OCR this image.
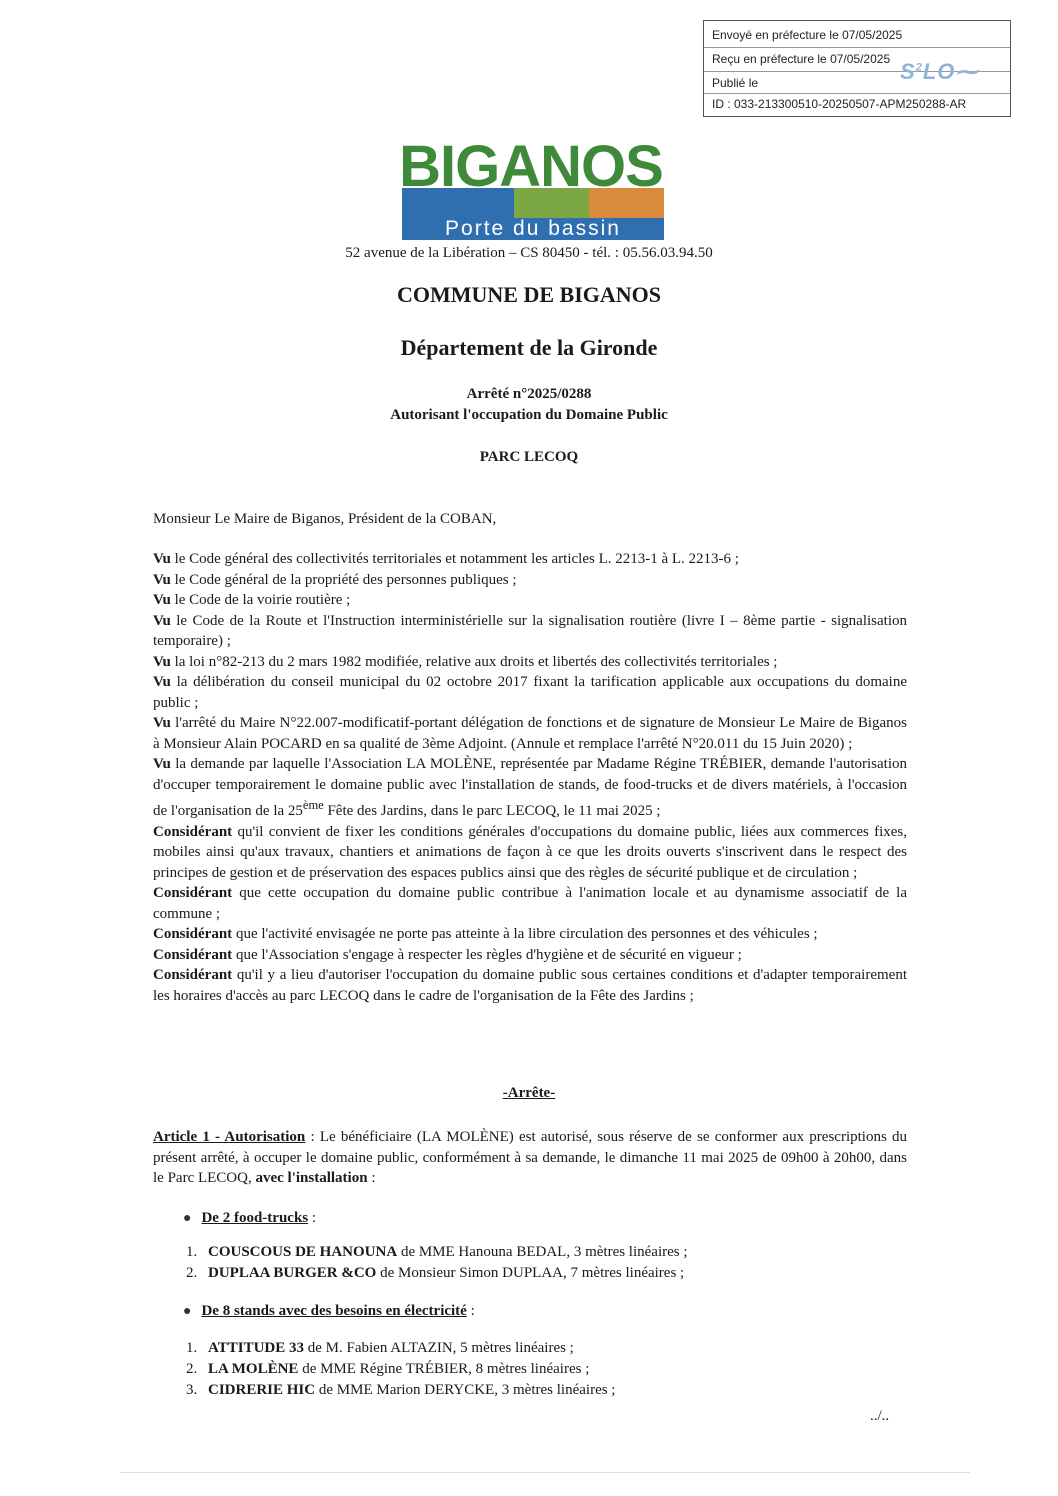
Envoyé en préfecture le 07/05/2025
Reçu en préfecture le 07/05/2025
Publié le
ID : 033-213300510-20250507-APM250288-AR
$S^2LO⁓$
BIGANOS
Porte du bassin
52 avenue de la Libération – CS 80450 - tél. : 05.56.03.94.50
COMMUNE DE BIGANOS
Département de la Gironde
Arrêté n°2025/0288
Autorisant l'occupation du Domaine Public
PARC LECOQ
Monsieur Le Maire de Biganos, Président de la COBAN,
Vu le Code général des collectivités territoriales et notamment les articles L. 2213-1 à L. 2213-6 ;
Vu le Code général de la propriété des personnes publiques ;
Vu le Code de la voirie routière ;
Vu le Code de la Route et l'Instruction interministérielle sur la signalisation routière (livre I – 8ème partie - signalisation temporaire) ;
Vu la loi n°82-213 du 2 mars 1982 modifiée, relative aux droits et libertés des collectivités territoriales ;
Vu la délibération du conseil municipal du 02 octobre 2017 fixant la tarification applicable aux occupations du domaine public ;
Vu l'arrêté du Maire N°22.007-modificatif-portant délégation de fonctions et de signature de Monsieur Le Maire de Biganos à Monsieur Alain POCARD en sa qualité de 3ème Adjoint. (Annule et remplace l'arrêté N°20.011 du 15 Juin 2020) ;
Vu la demande par laquelle l'Association LA MOLÈNE, représentée par Madame Régine TRÉBIER, demande l'autorisation d'occuper temporairement le domaine public avec l'installation de stands, de food-trucks et de divers matériels, à l'occasion de l'organisation de la 25ème Fête des Jardins, dans le parc LECOQ, le 11 mai 2025 ;
Considérant qu'il convient de fixer les conditions générales d'occupations du domaine public, liées aux commerces fixes, mobiles ainsi qu'aux travaux, chantiers et animations de façon à ce que les droits ouverts s'inscrivent dans le respect des principes de gestion et de préservation des espaces publics ainsi que des règles de sécurité publique et de circulation ;
Considérant que cette occupation du domaine public contribue à l'animation locale et au dynamisme associatif de la commune ;
Considérant que l'activité envisagée ne porte pas atteinte à la libre circulation des personnes et des véhicules ;
Considérant que l'Association s'engage à respecter les règles d'hygiène et de sécurité en vigueur ;
Considérant qu'il y a lieu d'autoriser l'occupation du domaine public sous certaines conditions et d'adapter temporairement les horaires d'accès au parc LECOQ dans le cadre de l'organisation de la Fête des Jardins ;
-Arrête-
Article 1 - Autorisation : Le bénéficiaire (LA MOLÈNE) est autorisé, sous réserve de se conformer aux prescriptions du présent arrêté, à occuper le domaine public, conformément à sa demande, le dimanche 11 mai 2025 de 09h00 à 20h00, dans le Parc LECOQ, avec l'installation :
● De 2 food-trucks :
1. COUSCOUS DE HANOUNA de MME Hanouna BEDAL, 3 mètres linéaires ;
2. DUPLAA BURGER &CO de Monsieur Simon DUPLAA, 7 mètres linéaires ;
● De 8 stands avec des besoins en électricité :
1. ATTITUDE 33 de M. Fabien ALTAZIN, 5 mètres linéaires ;
2. LA MOLÈNE de MME Régine TRÉBIER, 8 mètres linéaires ;
3. CIDRERIE HIC de MME Marion DERYCKE, 3 mètres linéaires ;
../..
